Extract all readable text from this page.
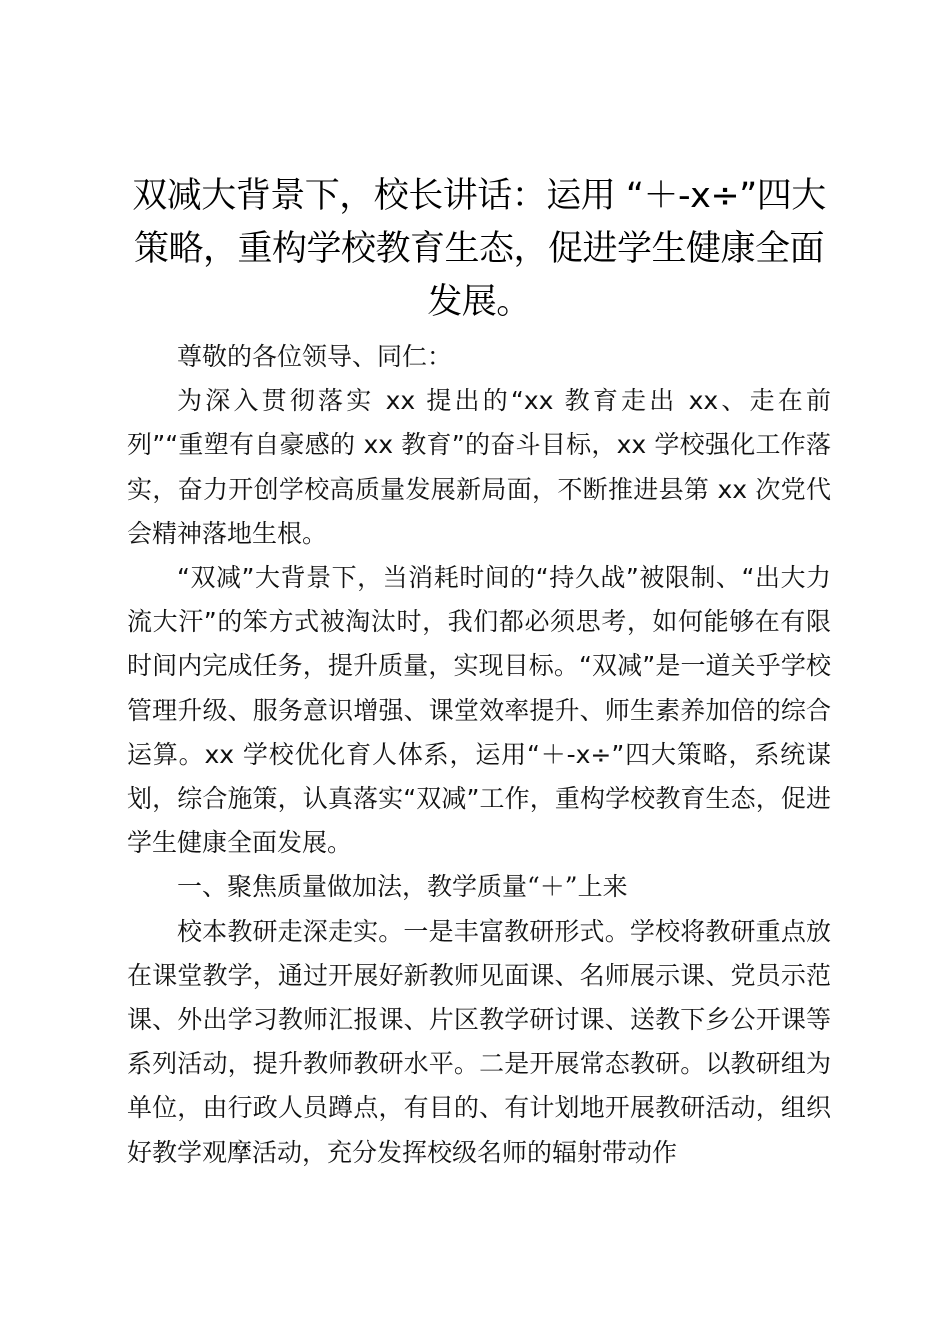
双减大背景下，校长讲话：运用 “＋-x÷”四大策略，重构学校教育生态，促进学生健康全面发展。

尊敬的各位领导、同仁：

为深入贯彻落实 xx 提出的“xx 教育走出 xx、走在前列”“重塑有自豪感的 xx 教育”的奋斗目标，xx 学校强化工作落实，奋力开创学校高质量发展新局面，不断推进县第 xx 次党代会精神落地生根。

“双减”大背景下，当消耗时间的“持久战”被限制、“出大力流大汗”的笨方式被淘汰时，我们都必须思考，如何能够在有限时间内完成任务，提升质量，实现目标。“双减”是一道关乎学校管理升级、服务意识增强、课堂效率提升、师生素养加倍的综合运算。xx 学校优化育人体系，运用“＋-x÷”四大策略，系统谋划，综合施策，认真落实“双减”工作，重构学校教育生态，促进学生健康全面发展。

一、聚焦质量做加法，教学质量“＋”上来

校本教研走深走实。一是丰富教研形式。学校将教研重点放在课堂教学，通过开展好新教师见面课、名师展示课、党员示范课、外出学习教师汇报课、片区教学研讨课、送教下乡公开课等系列活动，提升教师教研水平。二是开展常态教研。以教研组为单位，由行政人员蹲点，有目的、有计划地开展教研活动，组织好教学观摩活动，充分发挥校级名师的辐射带动作
